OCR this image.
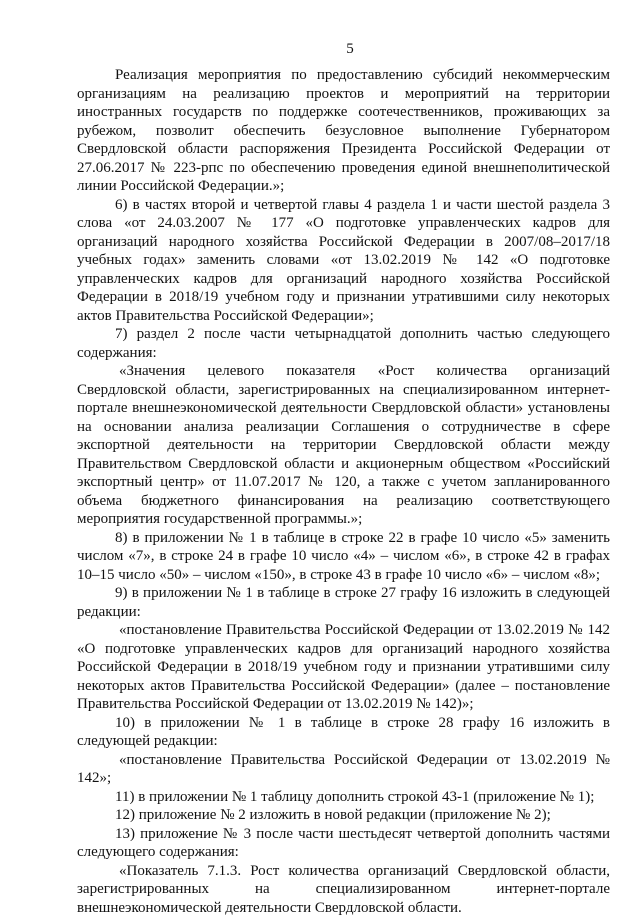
5

Реализация мероприятия по предоставлению субсидий некоммерческим организациям на реализацию проектов и мероприятий на территории иностранных государств по поддержке соотечественников, проживающих за рубежом, позволит обеспечить безусловное выполнение Губернатором Свердловской области распоряжения Президента Российской Федерации от 27.06.2017 № 223-рпс по обеспечению проведения единой внешнеполитической линии Российской Федерации.»;

6) в частях второй и четвертой главы 4 раздела 1 и части шестой раздела 3 слова «от 24.03.2007 № 177 «О подготовке управленческих кадров для организаций народного хозяйства Российской Федерации в 2007/08–2017/18 учебных годах» заменить словами «от 13.02.2019 № 142 «О подготовке управленческих кадров для организаций народного хозяйства Российской Федерации в 2018/19 учебном году и признании утратившими силу некоторых актов Правительства Российской Федерации»;

7) раздел 2 после части четырнадцатой дополнить частью следующего содержания:

«Значения целевого показателя «Рост количества организаций Свердловской области, зарегистрированных на специализированном интернет-портале внешнеэкономической деятельности Свердловской области» установлены на основании анализа реализации Соглашения о сотрудничестве в сфере экспортной деятельности на территории Свердловской области между Правительством Свердловской области и акционерным обществом «Российский экспортный центр» от 11.07.2017 № 120, а также с учетом запланированного объема бюджетного финансирования на реализацию соответствующего мероприятия государственной программы.»;

8) в приложении № 1 в таблице в строке 22 в графе 10 число «5» заменить числом «7», в строке 24 в графе 10 число «4» – числом «6», в строке 42 в графах 10–15 число «50» – числом «150», в строке 43 в графе 10 число «6» – числом «8»;

9) в приложении № 1 в таблице в строке 27 графу 16 изложить в следующей редакции:

«постановление Правительства Российской Федерации от 13.02.2019 № 142 «О подготовке управленческих кадров для организаций народного хозяйства Российской Федерации в 2018/19 учебном году и признании утратившими силу некоторых актов Правительства Российской Федерации» (далее – постановление Правительства Российской Федерации от 13.02.2019 № 142)»;

10) в приложении № 1 в таблице в строке 28 графу 16 изложить в следующей редакции:

«постановление Правительства Российской Федерации от 13.02.2019 № 142»;

11) в приложении № 1 таблицу дополнить строкой 43-1 (приложение № 1);

12) приложение № 2 изложить в новой редакции (приложение № 2);

13) приложение № 3 после части шестьдесят четвертой дополнить частями следующего содержания:

«Показатель 7.1.3. Рост количества организаций Свердловской области, зарегистрированных на специализированном интернет-портале внешнеэкономической деятельности Свердловской области.
